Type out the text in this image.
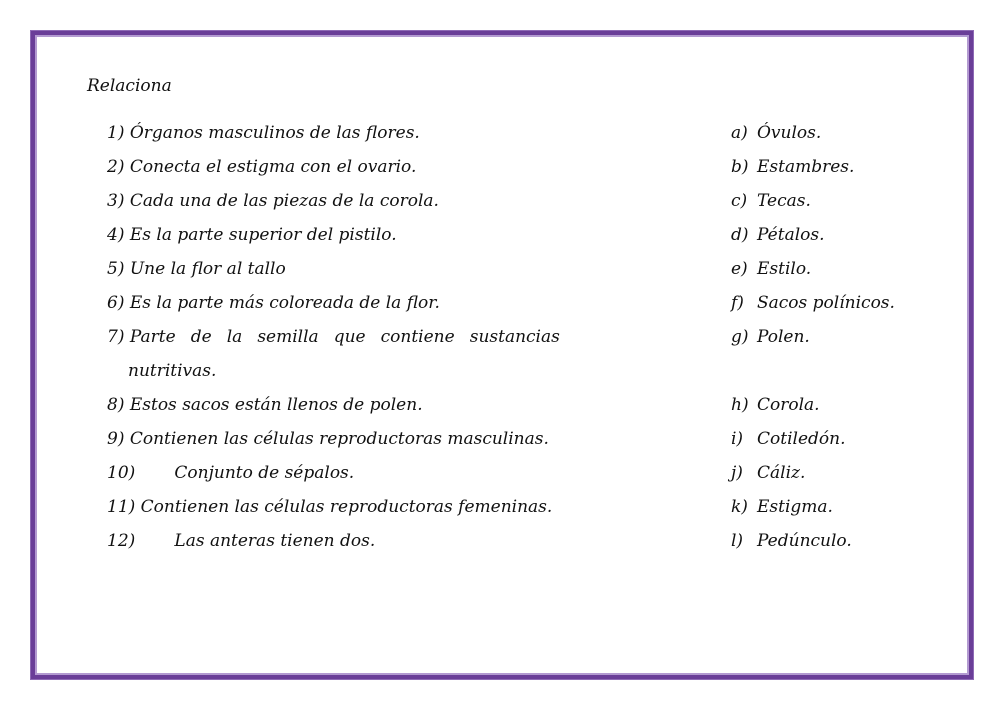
Relaciona
1) Órganos masculinos de las flores.
2) Conecta el estigma con el ovario.
3) Cada una de las piezas de la corola.
4) Es la parte superior del pistilo.
5) Une la flor al tallo
6) Es la parte más coloreada de la flor.
7) Parte de la semilla que contiene sustancias
nutritivas.
8) Estos sacos están llenos de polen.
9) Contienen las células reproductoras masculinas.
10) Conjunto de sépalos.
11) Contienen las células reproductoras femeninas.
12) Las anteras tienen dos.
a) Óvulos.
b) Estambres.
c) Tecas.
d) Pétalos.
e) Estilo.
f) Sacos polínicos.
g) Polen.
h) Corola.
i) Cotiledón.
j) Cáliz.
k) Estigma.
l) Pedúnculo.
